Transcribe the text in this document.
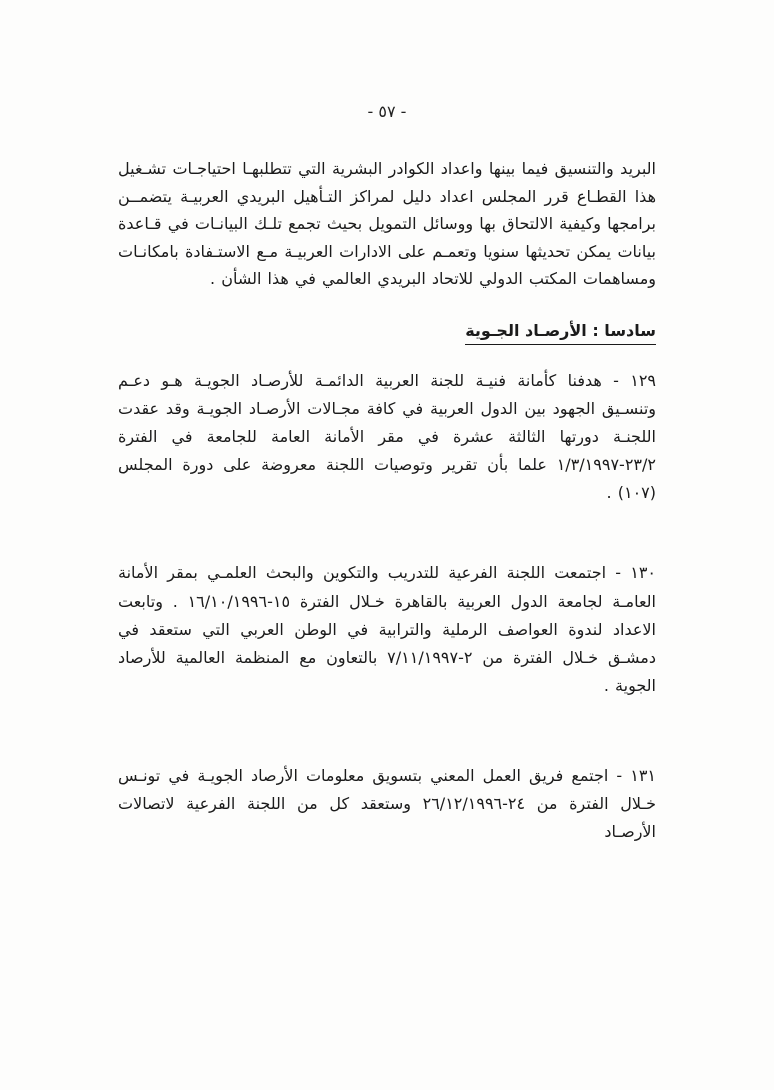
- ٥٧ -

البريد والتنسيق فيما بينها واعداد الكوادر البشرية التي تتطلبهـا احتياجـات تشـغيل هذا القطـاع قرر المجلس اعداد دليل لمراكز التـأهيل البريدي العربيـة يتضمــن برامجها وكيفية الالتحاق بها ووسائل التمويل بحيث تجمع تلـك البيانـات في قـاعدة بيانات يمكن تحديثها سنويا وتعمـم على الادارات العربيـة مـع الاستـفادة بامكانـات ومساهمات المكتب الدولي للاتحاد البريدي العالمي في هذا الشأن .

سادسا : الأرصـاد الجـوية

١٢٩ - هدفنا كأمانة فنيـة للجنة العربية الدائمـة للأرصـاد الجويـة هـو دعـم وتنسـيق الجهود بين الدول العربية في كافة مجـالات الأرصـاد الجويـة وقد عقدت اللجنـة دورتها الثالثة عشرة في مقر الأمانة العامة للجامعة في الفترة ٢٣/٢-١/٣/١٩٩٧ علما بأن تقرير وتوصيات اللجنة معروضة على دورة المجلس (١٠٧) .

١٣٠ - اجتمعت اللجنة الفرعية للتدريب والتكوين والبحث العلمـي بمقر الأمانة العامـة لجامعة الدول العربية بالقاهرة خـلال الفترة ١٥-١٦/١٠/١٩٩٦ . وتابعت الاعداد لندوة العواصف الرملية والترابية في الوطن العربي التي ستعقد في دمشـق خـلال الفترة من ٢-٧/١١/١٩٩٧ بالتعاون مع المنظمة العالمية للأرصاد الجوية .

١٣١ - اجتمع فريق العمل المعني بتسويق معلومات الأرصاد الجويـة في تونـس خـلال الفترة من ٢٤-٢٦/١٢/١٩٩٦ وستعقد كل من اللجنة الفرعية لاتصالات الأرصـاد
